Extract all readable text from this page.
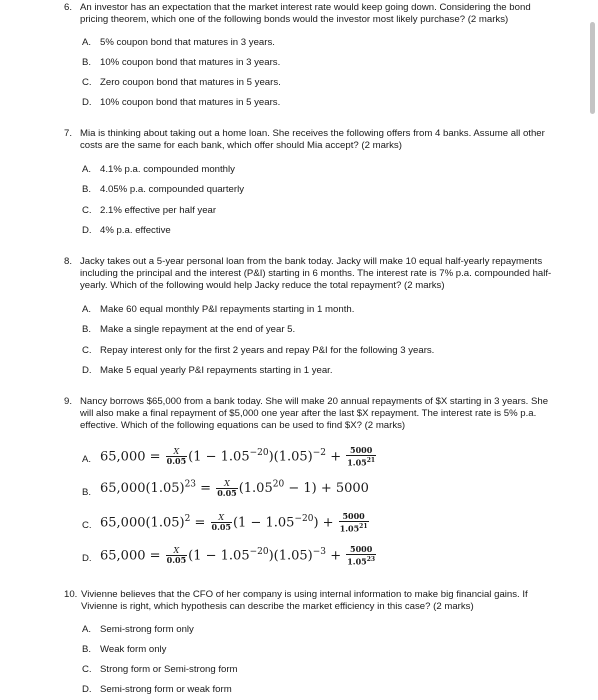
6. An investor has an expectation that the market interest rate would keep going down. Considering the bond pricing theorem, which one of the following bonds would the investor most likely purchase? (2 marks)
A. 5% coupon bond that matures in 3 years.
B. 10% coupon bond that matures in 3 years.
C. Zero coupon bond that matures in 5 years.
D. 10% coupon bond that matures in 5 years.
7. Mia is thinking about taking out a home loan. She receives the following offers from 4 banks. Assume all other costs are the same for each bank, which offer should Mia accept? (2 marks)
A. 4.1% p.a. compounded monthly
B. 4.05% p.a. compounded quarterly
C. 2.1% effective per half year
D. 4% p.a. effective
8. Jacky takes out a 5-year personal loan from the bank today. Jacky will make 10 equal half-yearly repayments including the principal and the interest (P&I) starting in 6 months. The interest rate is 7% p.a. compounded half-yearly. Which of the following would help Jacky reduce the total repayment? (2 marks)
A. Make 60 equal monthly P&I repayments starting in 1 month.
B. Make a single repayment at the end of year 5.
C. Repay interest only for the first 2 years and repay P&I for the following 3 years.
D. Make 5 equal yearly P&I repayments starting in 1 year.
9. Nancy borrows $65,000 from a bank today. She will make 20 annual repayments of $X starting in 3 years. She will also make a final repayment of $5,000 one year after the last $X repayment. The interest rate is 5% p.a. effective. Which of the following equations can be used to find $X? (2 marks)
A. $65,000 = \frac{X}{0.05} (1 - 1.05^{-20})(1.05)^{-2} + \frac{5000}{1.05^{21}}$
B. $65,000(1.05)^{23} = \frac{X}{0.05} (1.05^{20} - 1) + 5000$
C. $65,000(1.05)^2 = \frac{X}{0.05} (1 - 1.05^{-20}) + \frac{5000}{1.05^{21}}$
D. $65,000 = \frac{X}{0.05} (1 - 1.05^{-20})(1.05)^{-3} + \frac{5000}{1.05^{23}}$
10. Vivienne believes that the CFO of her company is using internal information to make big financial gains. If Vivienne is right, which hypothesis can describe the market efficiency in this case? (2 marks)
A. Semi-strong form only
B. Weak form only
C. Strong form or Semi-strong form
D. Semi-strong form or weak form
